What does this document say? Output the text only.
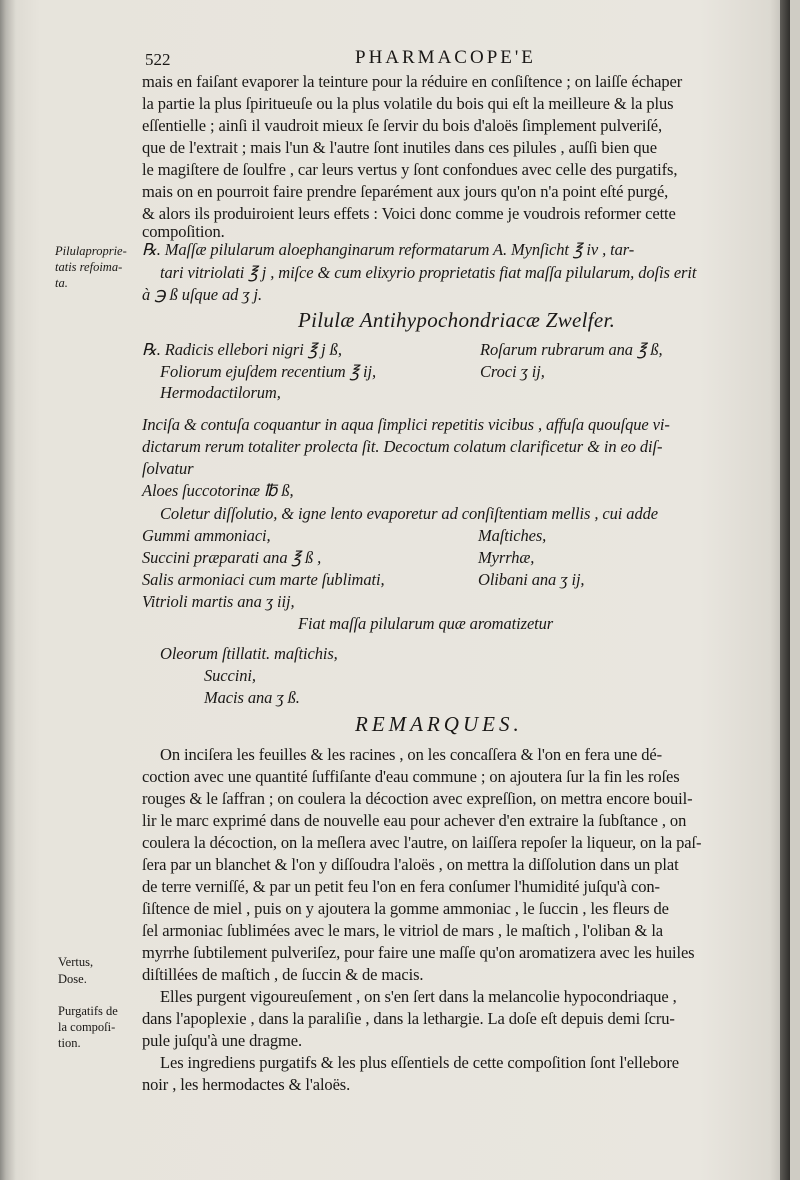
522	PHARMACOPE'E
mais en faiſant evaporer la teinture pour la réduire en conſiſtence ; on laiſſe échaper
la partie la plus ſpiritueuſe ou la plus volatile du bois qui eſt la meilleure & la plus
eſſentielle ; ainſi il vaudroit mieux ſe ſervir du bois d'aloës ſimplement pulveriſé,
que de l'extrait ; mais l'un & l'autre ſont inutiles dans ces pilules , auſſi bien que
le magiſtere de ſoulfre , car leurs vertus y ſont confondues avec celle des purgatifs,
mais on en pourroit faire prendre ſeparément aux jours qu'on n'a point eſté purgé,
& alors ils produiroient leurs effets : Voici donc comme je voudrois reformer cette
compoſition.
Pilulaproprie-
tatis refoima-
ta.
℞. Maſſæ pilularum aloephanginarum reformatarum A. Mynſicht ℥ iv , tar-
tari vitriolati ℥ j , miſce & cum elixyrio proprietatis fiat maſſa pilularum, doſis erit
à ℈ ß uſque ad ʒ j.
Pilulæ Antihypochondriacæ Zwelfer.
℞. Radicis ellebori nigri ℥ j ß,
Foliorum ejuſdem recentium ℥ ij,
Hermodactilorum,
Roſarum rubrarum ana ℥ ß,
Croci ʒ ij,
Inciſa & contuſa coquantur in aqua ſimplici repetitis vicibus , affuſa quouſque vi-
dictarum rerum totaliter prolecta ſit. Decoctum colatum clarificetur & in eo diſ-
ſolvatur
Aloes ſuccotorinæ ℔ ß,
Coletur diſſolutio, & igne lento evaporetur ad conſiſtentiam mellis , cui adde
Gummi ammoniaci,
Succini præparati ana ℥ ß ,
Salis armoniaci cum marte ſublimati,
Vitrioli martis ana ʒ iij,
Maſtiches,
Myrrhæ,
Olibani ana ʒ ij,
Fiat maſſa pilularum quæ aromatizetur
Oleorum ſtillatit. maſtichis,
Succini,
Macis ana ʒ ß.
REMARQUES.
On inciſera les feuilles & les racines , on les concaſſera & l'on en fera une dé-
coction avec une quantité ſuffiſante d'eau commune ; on ajoutera ſur la fin les roſes
rouges & le ſaffran ; on coulera la décoction avec expreſſion, on mettra encore bouil-
lir le marc exprimé dans de nouvelle eau pour achever d'en extraire la ſubſtance , on
coulera la décoction, on la meſlera avec l'autre, on laiſſera repoſer la liqueur, on la paſ-
ſera par un blanchet & l'on y diſſoudra l'aloës , on mettra la diſſolution dans un plat
de terre verniſſé, & par un petit feu l'on en fera conſumer l'humidité juſqu'à con-
ſiſtence de miel , puis on y ajoutera la gomme ammoniac , le ſuccin , les fleurs de
ſel armoniac ſublimées avec le mars, le vitriol de mars , le maſtich , l'oliban & la
myrrhe ſubtilement pulveriſez, pour faire une maſſe qu'on aromatizera avec les huiles
diſtillées de maſtich , de ſuccin & de macis.
Elles purgent vigoureuſement , on s'en ſert dans la melancolie hypocondriaque ,
dans l'apoplexie , dans la paraliſie , dans la lethargie. La doſe eſt depuis demi ſcru-
pule juſqu'à une dragme.
Les ingrediens purgatifs & les plus eſſentiels de cette compoſition ſont l'ellebore
noir , les hermodactes & l'aloës.
Vertus,
Dose.
Purgatifs de
la compoſi-
tion.
